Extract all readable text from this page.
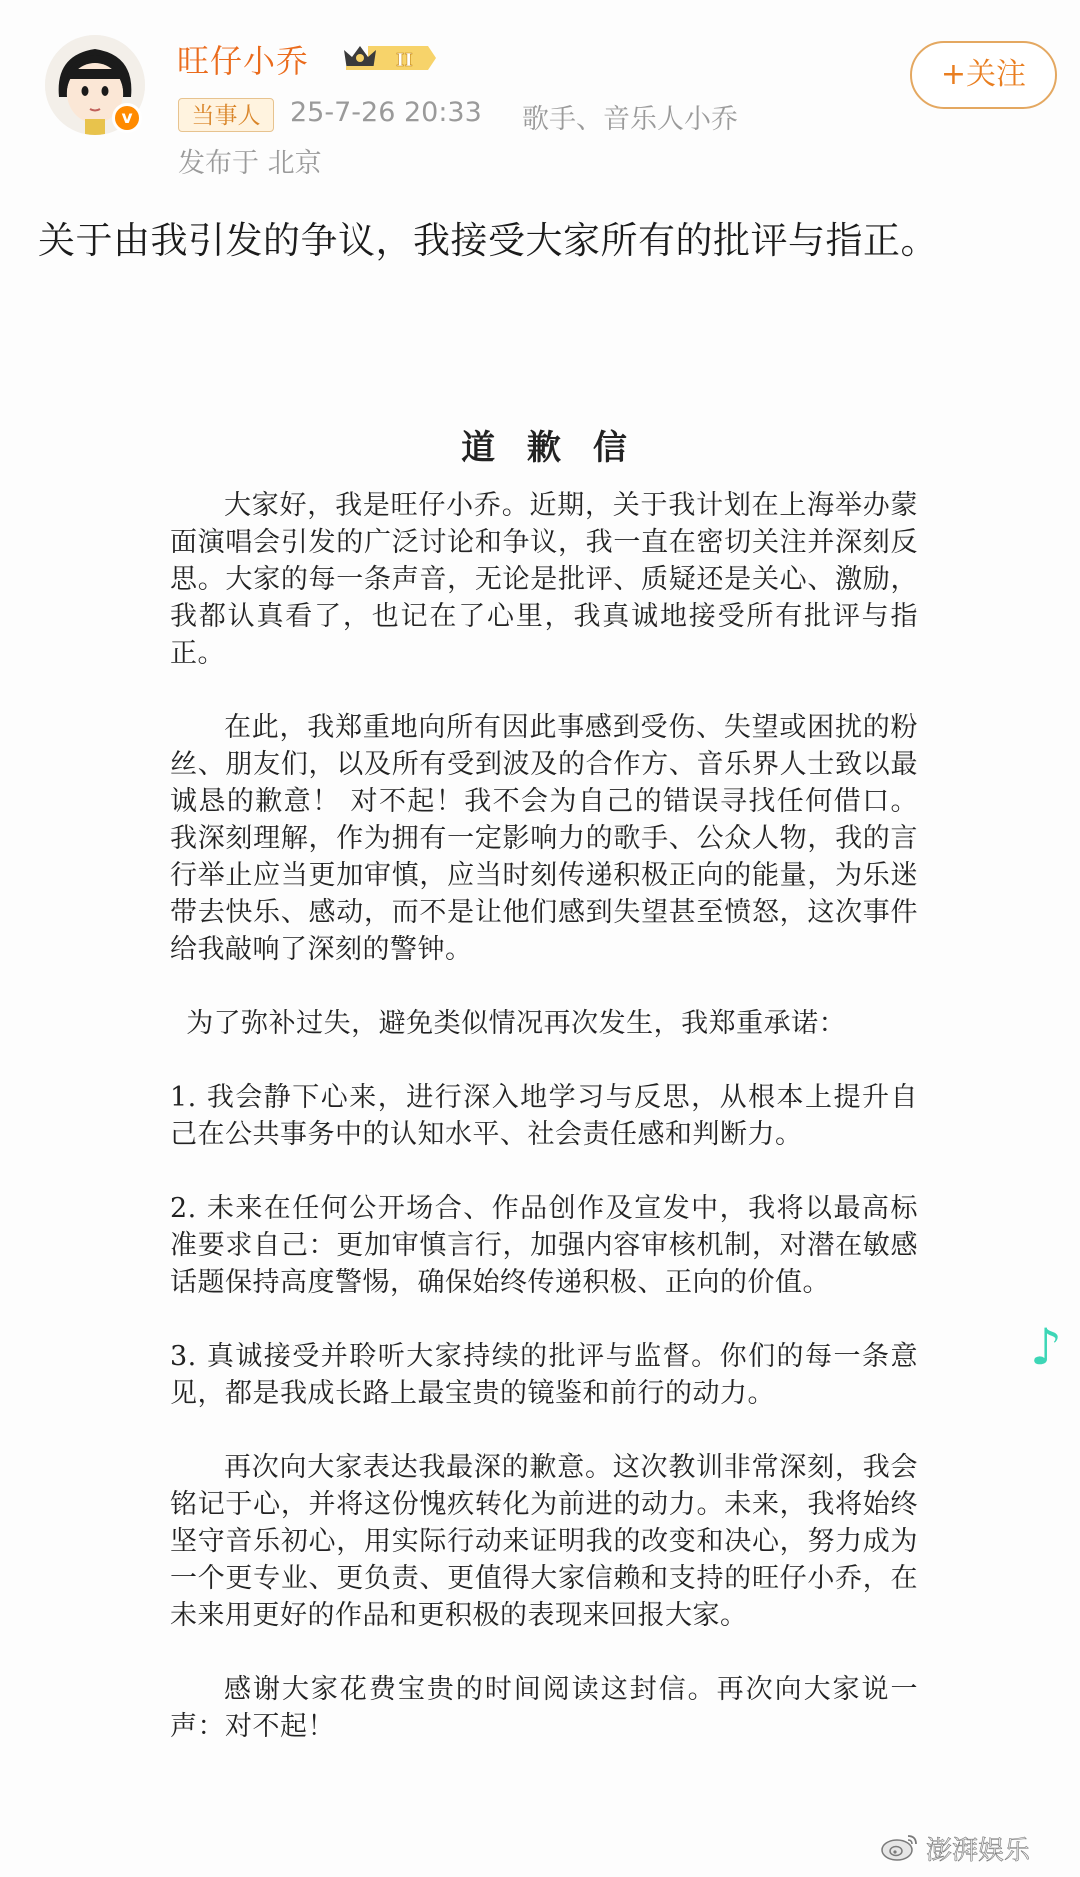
v
旺仔小乔	II	+关注
当事人	25-7-26 20:33 歌手、音乐人小乔
发布于 北京
关于由我引发的争议，我接受大家所有的批评与指正。
道 歉 信

大家好，我是旺仔小乔。近期，关于我计划在上海举办蒙面演唱会引发的广泛讨论和争议，我一直在密切关注并深刻反思。大家的每一条声音，无论是批评、质疑还是关心、激励，我都认真看了，也记在了心里，我真诚地接受所有批评与指正。

在此，我郑重地向所有因此事感到受伤、失望或困扰的粉丝、朋友们，以及所有受到波及的合作方、音乐界人士致以最诚恳的歉意！ 对不起！我不会为自己的错误寻找任何借口。我深刻理解，作为拥有一定影响力的歌手、公众人物，我的言行举止应当更加审慎，应当时刻传递积极正向的能量，为乐迷带去快乐、感动，而不是让他们感到失望甚至愤怒，这次事件给我敲响了深刻的警钟。

为了弥补过失，避免类似情况再次发生，我郑重承诺：

1. 我会静下心来，进行深入地学习与反思，从根本上提升自己在公共事务中的认知水平、社会责任感和判断力。

2. 未来在任何公开场合、作品创作及宣发中，我将以最高标准要求自己：更加审慎言行，加强内容审核机制，对潜在敏感话题保持高度警惕，确保始终传递积极、正向的价值。

3. 真诚接受并聆听大家持续的批评与监督。你们的每一条意见，都是我成长路上最宝贵的镜鉴和前行的动力。

再次向大家表达我最深的歉意。这次教训非常深刻，我会铭记于心，并将这份愧疚转化为前进的动力。未来，我将始终坚守音乐初心，用实际行动来证明我的改变和决心，努力成为一个更专业、更负责、更值得大家信赖和支持的旺仔小乔，在未来用更好的作品和更积极的表现来回报大家。

感谢大家花费宝贵的时间阅读这封信。再次向大家说一声：对不起！

♪
澎湃娱乐
